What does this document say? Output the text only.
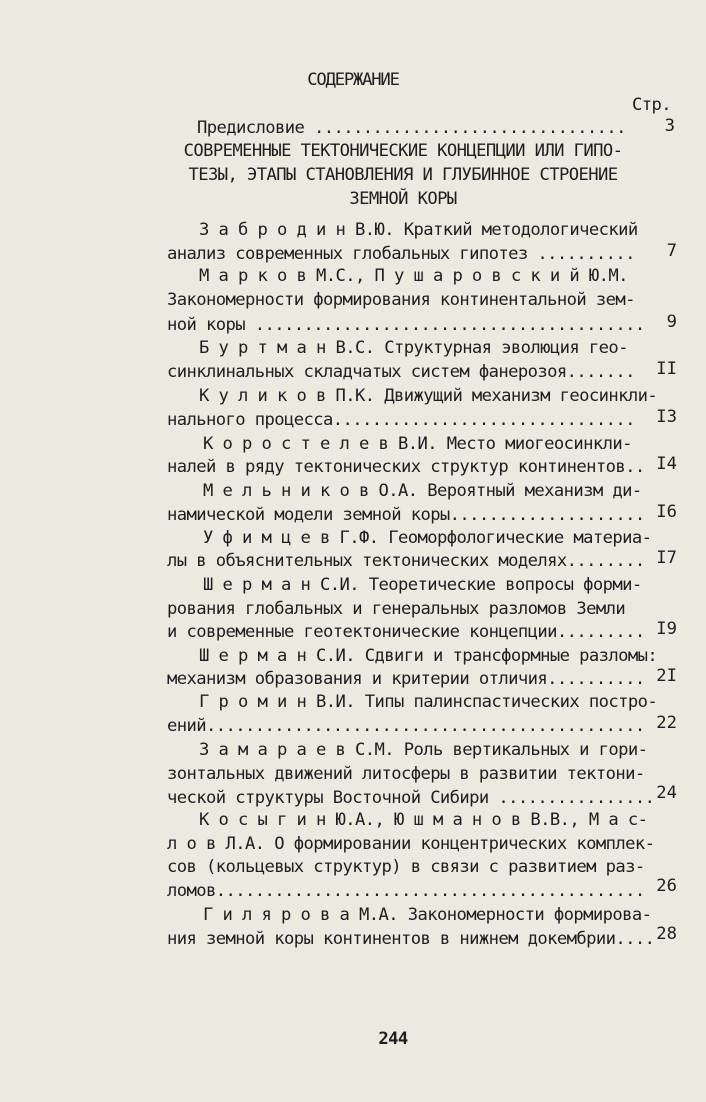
СОДЕРЖАНИЕ
Стр.
Предисловие ................................	3
СОВРЕМЕННЫЕ ТЕКТОНИЧЕСКИЕ КОНЦЕПЦИИ ИЛИ ГИПО-
ТЕЗЫ, ЭТАПЫ СТАНОВЛЕНИЯ И ГЛУБИННОЕ СТРОЕНИЕ
ЗЕМНОЙ КОРЫ
З а б р о д и н В.Ю. Краткий методологический
анализ современных глобальных гипотез ..........	7
М а р к о в М.С., П у ш а р о в с к и й Ю.М.
Закономерности формирования континентальной зем-
ной коры ........................................	9
Б у р т м а н В.С. Структурная эволюция гео-
синклинальных складчатых систем фанерозоя.......	II
К у л и к о в П.К. Движущий механизм геосинкли-
нального процесса...............................	I3
К о р о с т е л е в В.И. Место миогеосинкли-
налей в ряду тектонических структур континентов.. I4
М е л ь н и к о в О.А. Вероятный механизм ди-
намической модели земной коры.................... I6
У ф и м ц е в Г.Ф. Геоморфологические материа-
лы в объяснительных тектонических моделях........ I7
Ш е р м а н С.И. Теоретические вопросы форми-
рования глобальных и генеральных разломов Земли
и современные геотектонические концепции......... I9
Ш е р м а н С.И. Сдвиги и трансформные разломы:
механизм образования и критерии отличия.......... 2I
Г р о м и н В.И. Типы палинспастических постро-
ений............................................. 22
З а м а р а е в С.М. Роль вертикальных и гори-
зонтальных движений литосферы в развитии тектони-
ческой структуры Восточной Сибири ................ 24
К о с ы г и н Ю.А., Ю ш м а н о в В.В., М а с-
л о в Л.А. О формировании концентрических комплек-
сов (кольцевых структур) в связи с развитием раз-
ломов............................................ 26
Г и л я р о в а М.А. Закономерности формирова-
ния земной коры континентов в нижнем докембрии.... 28
244
